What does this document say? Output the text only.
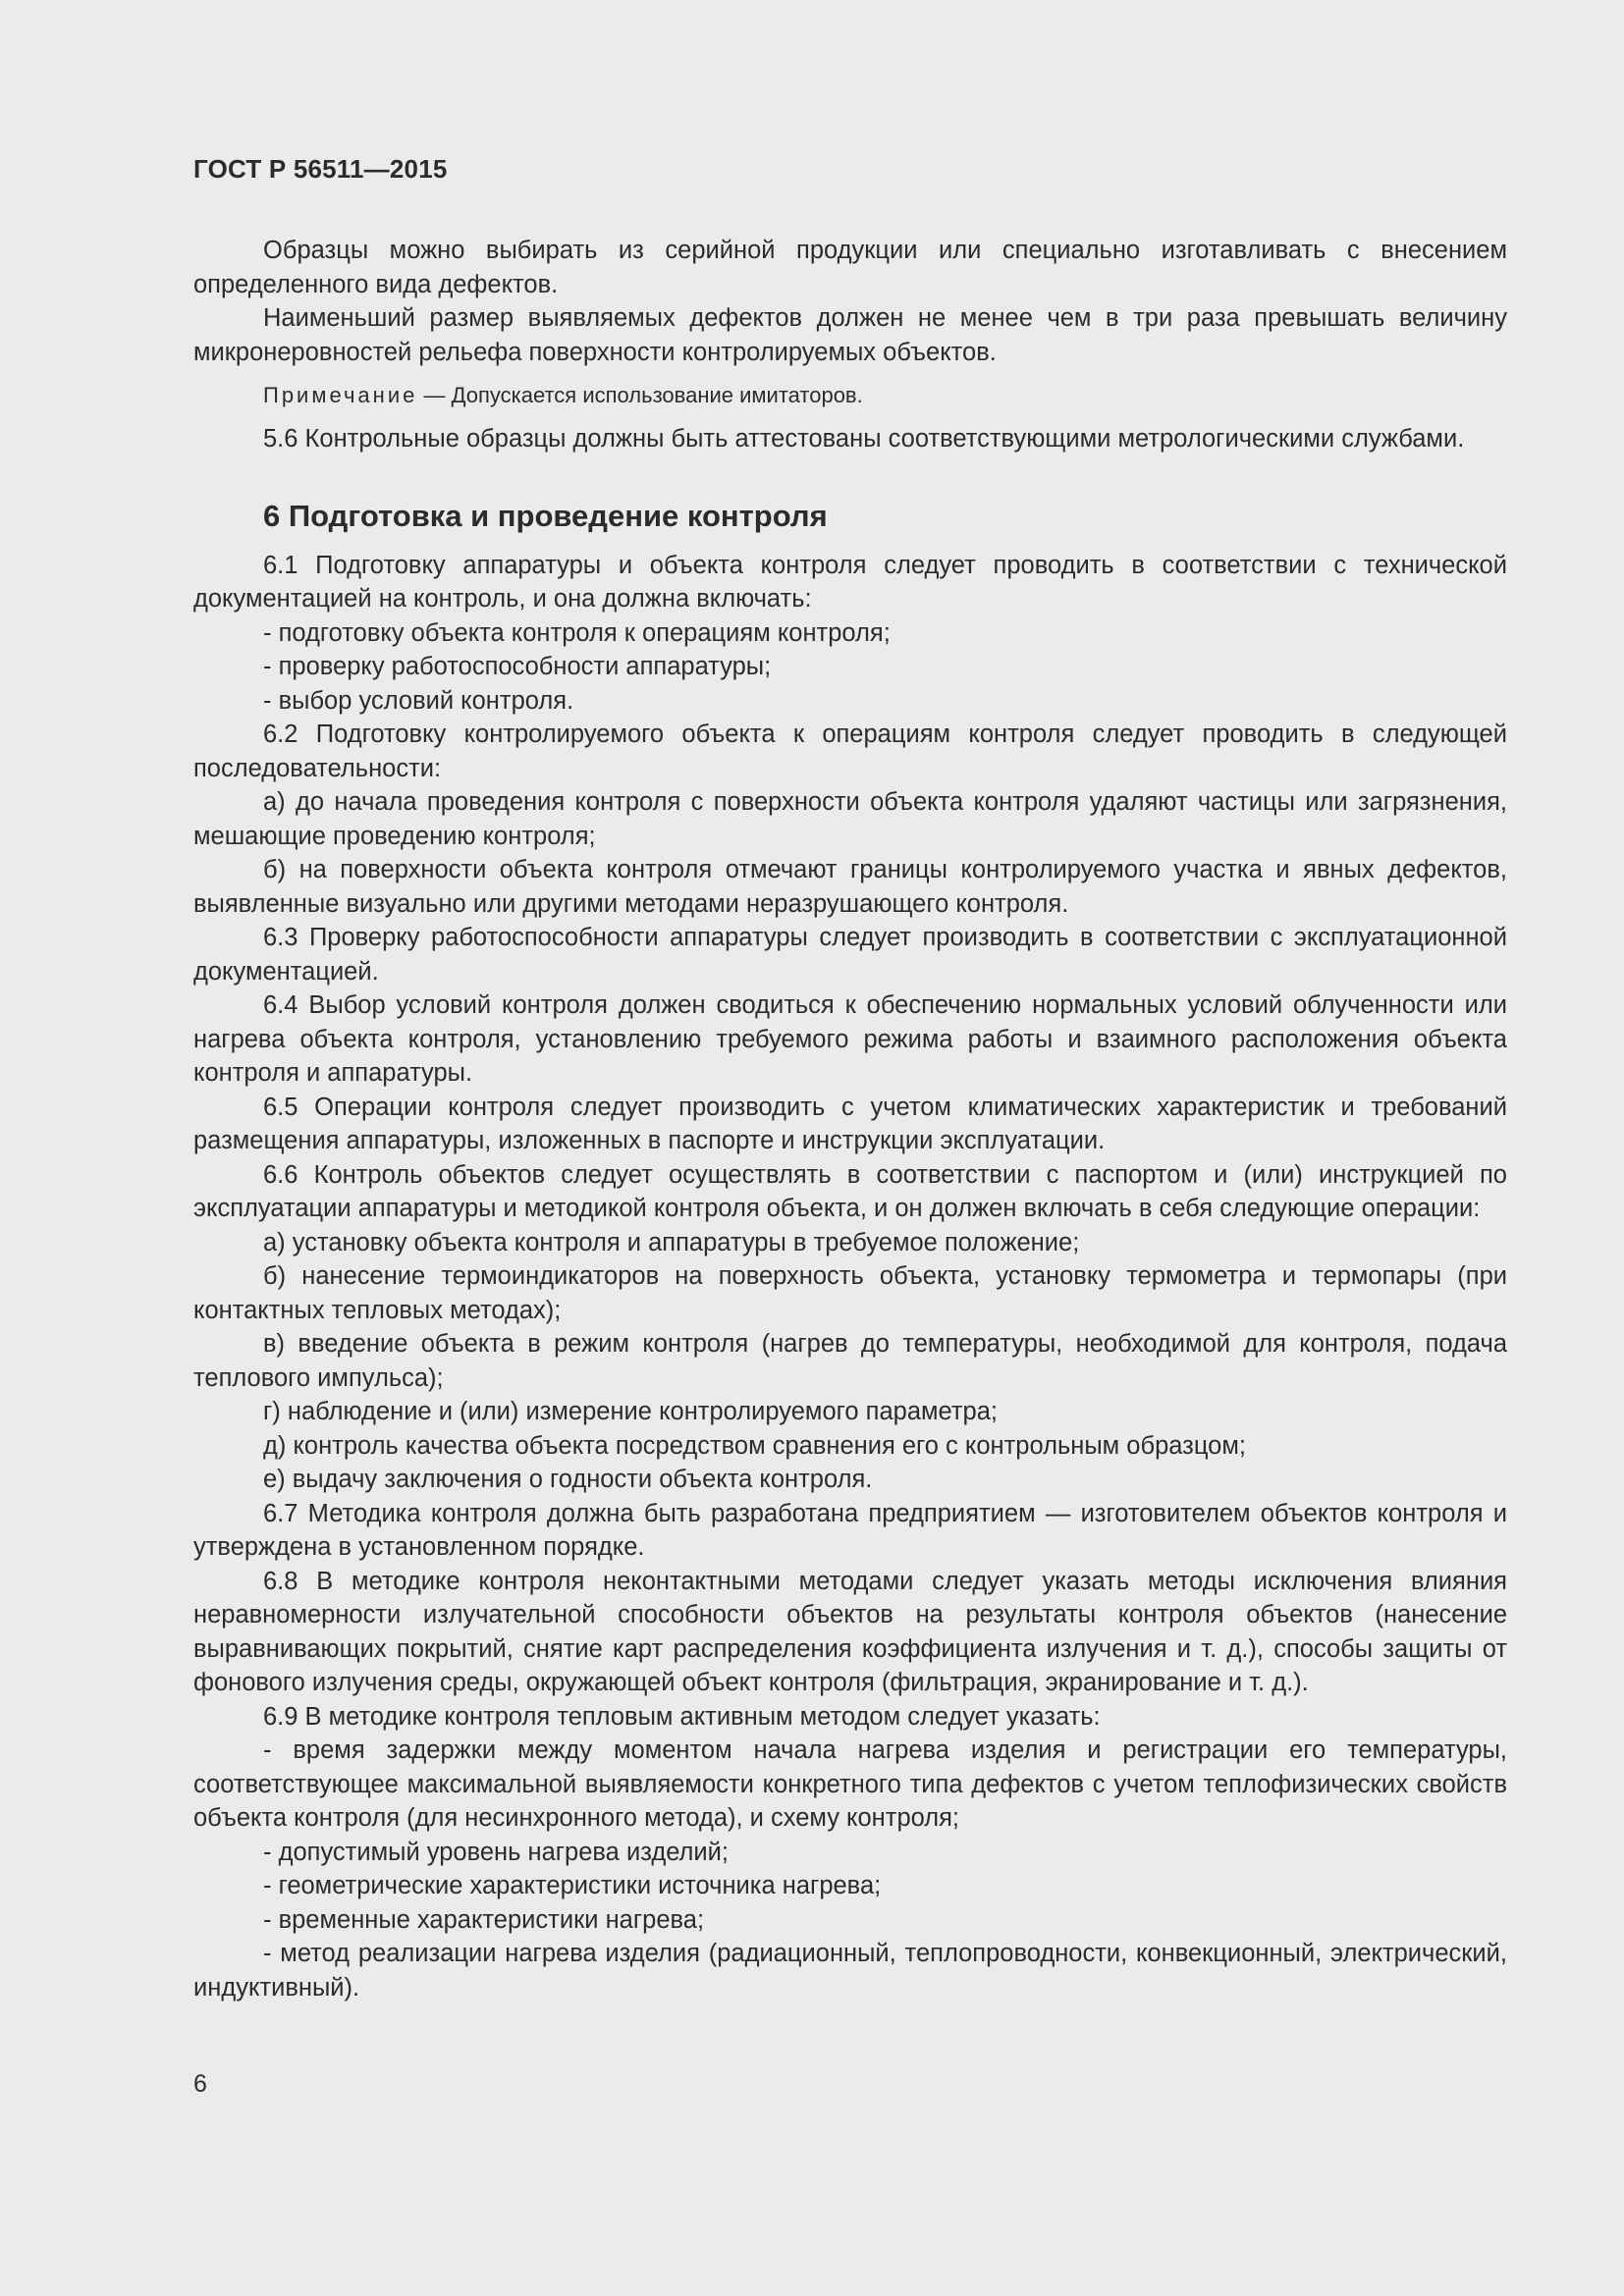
ГОСТ Р 56511—2015

Образцы можно выбирать из серийной продукции или специально изготавливать с внесением определенного вида дефектов.

Наименьший размер выявляемых дефектов должен не менее чем в три раза превышать величину микронеровностей рельефа поверхности контролируемых объектов.

Примечание — Допускается использование имитаторов.

5.6 Контрольные образцы должны быть аттестованы соответствующими метрологическими службами.

6 Подготовка и проведение контроля

6.1 Подготовку аппаратуры и объекта контроля следует проводить в соответствии с технической документацией на контроль, и она должна включать:

- подготовку объекта контроля к операциям контроля;

- проверку работоспособности аппаратуры;

- выбор условий контроля.

6.2 Подготовку контролируемого объекта к операциям контроля следует проводить в следующей последовательности:

а) до начала проведения контроля с поверхности объекта контроля удаляют частицы или загрязнения, мешающие проведению контроля;

б) на поверхности объекта контроля отмечают границы контролируемого участка и явных дефектов, выявленные визуально или другими методами неразрушающего контроля.

6.3 Проверку работоспособности аппаратуры следует производить в соответствии с эксплуатационной документацией.

6.4 Выбор условий контроля должен сводиться к обеспечению нормальных условий облученности или нагрева объекта контроля, установлению требуемого режима работы и взаимного расположения объекта контроля и аппаратуры.

6.5 Операции контроля следует производить с учетом климатических характеристик и требований размещения аппаратуры, изложенных в паспорте и инструкции эксплуатации.

6.6 Контроль объектов следует осуществлять в соответствии с паспортом и (или) инструкцией по эксплуатации аппаратуры и методикой контроля объекта, и он должен включать в себя следующие операции:

а) установку объекта контроля и аппаратуры в требуемое положение;

б) нанесение термоиндикаторов на поверхность объекта, установку термометра и термопары (при контактных тепловых методах);

в) введение объекта в режим контроля (нагрев до температуры, необходимой для контроля, подача теплового импульса);

г) наблюдение и (или) измерение контролируемого параметра;

д) контроль качества объекта посредством сравнения его с контрольным образцом;

е) выдачу заключения о годности объекта контроля.

6.7 Методика контроля должна быть разработана предприятием — изготовителем объектов контроля и утверждена в установленном порядке.

6.8 В методике контроля неконтактными методами следует указать методы исключения влияния неравномерности излучательной способности объектов на результаты контроля объектов (нанесение выравнивающих покрытий, снятие карт распределения коэффициента излучения и т. д.), способы защиты от фонового излучения среды, окружающей объект контроля (фильтрация, экранирование и т. д.).

6.9 В методике контроля тепловым активным методом следует указать:

- время задержки между моментом начала нагрева изделия и регистрации его температуры, соответствующее максимальной выявляемости конкретного типа дефектов с учетом теплофизических свойств объекта контроля (для несинхронного метода), и схему контроля;

- допустимый уровень нагрева изделий;

- геометрические характеристики источника нагрева;

- временные характеристики нагрева;

- метод реализации нагрева изделия (радиационный, теплопроводности, конвекционный, электрический, индуктивный).

6
